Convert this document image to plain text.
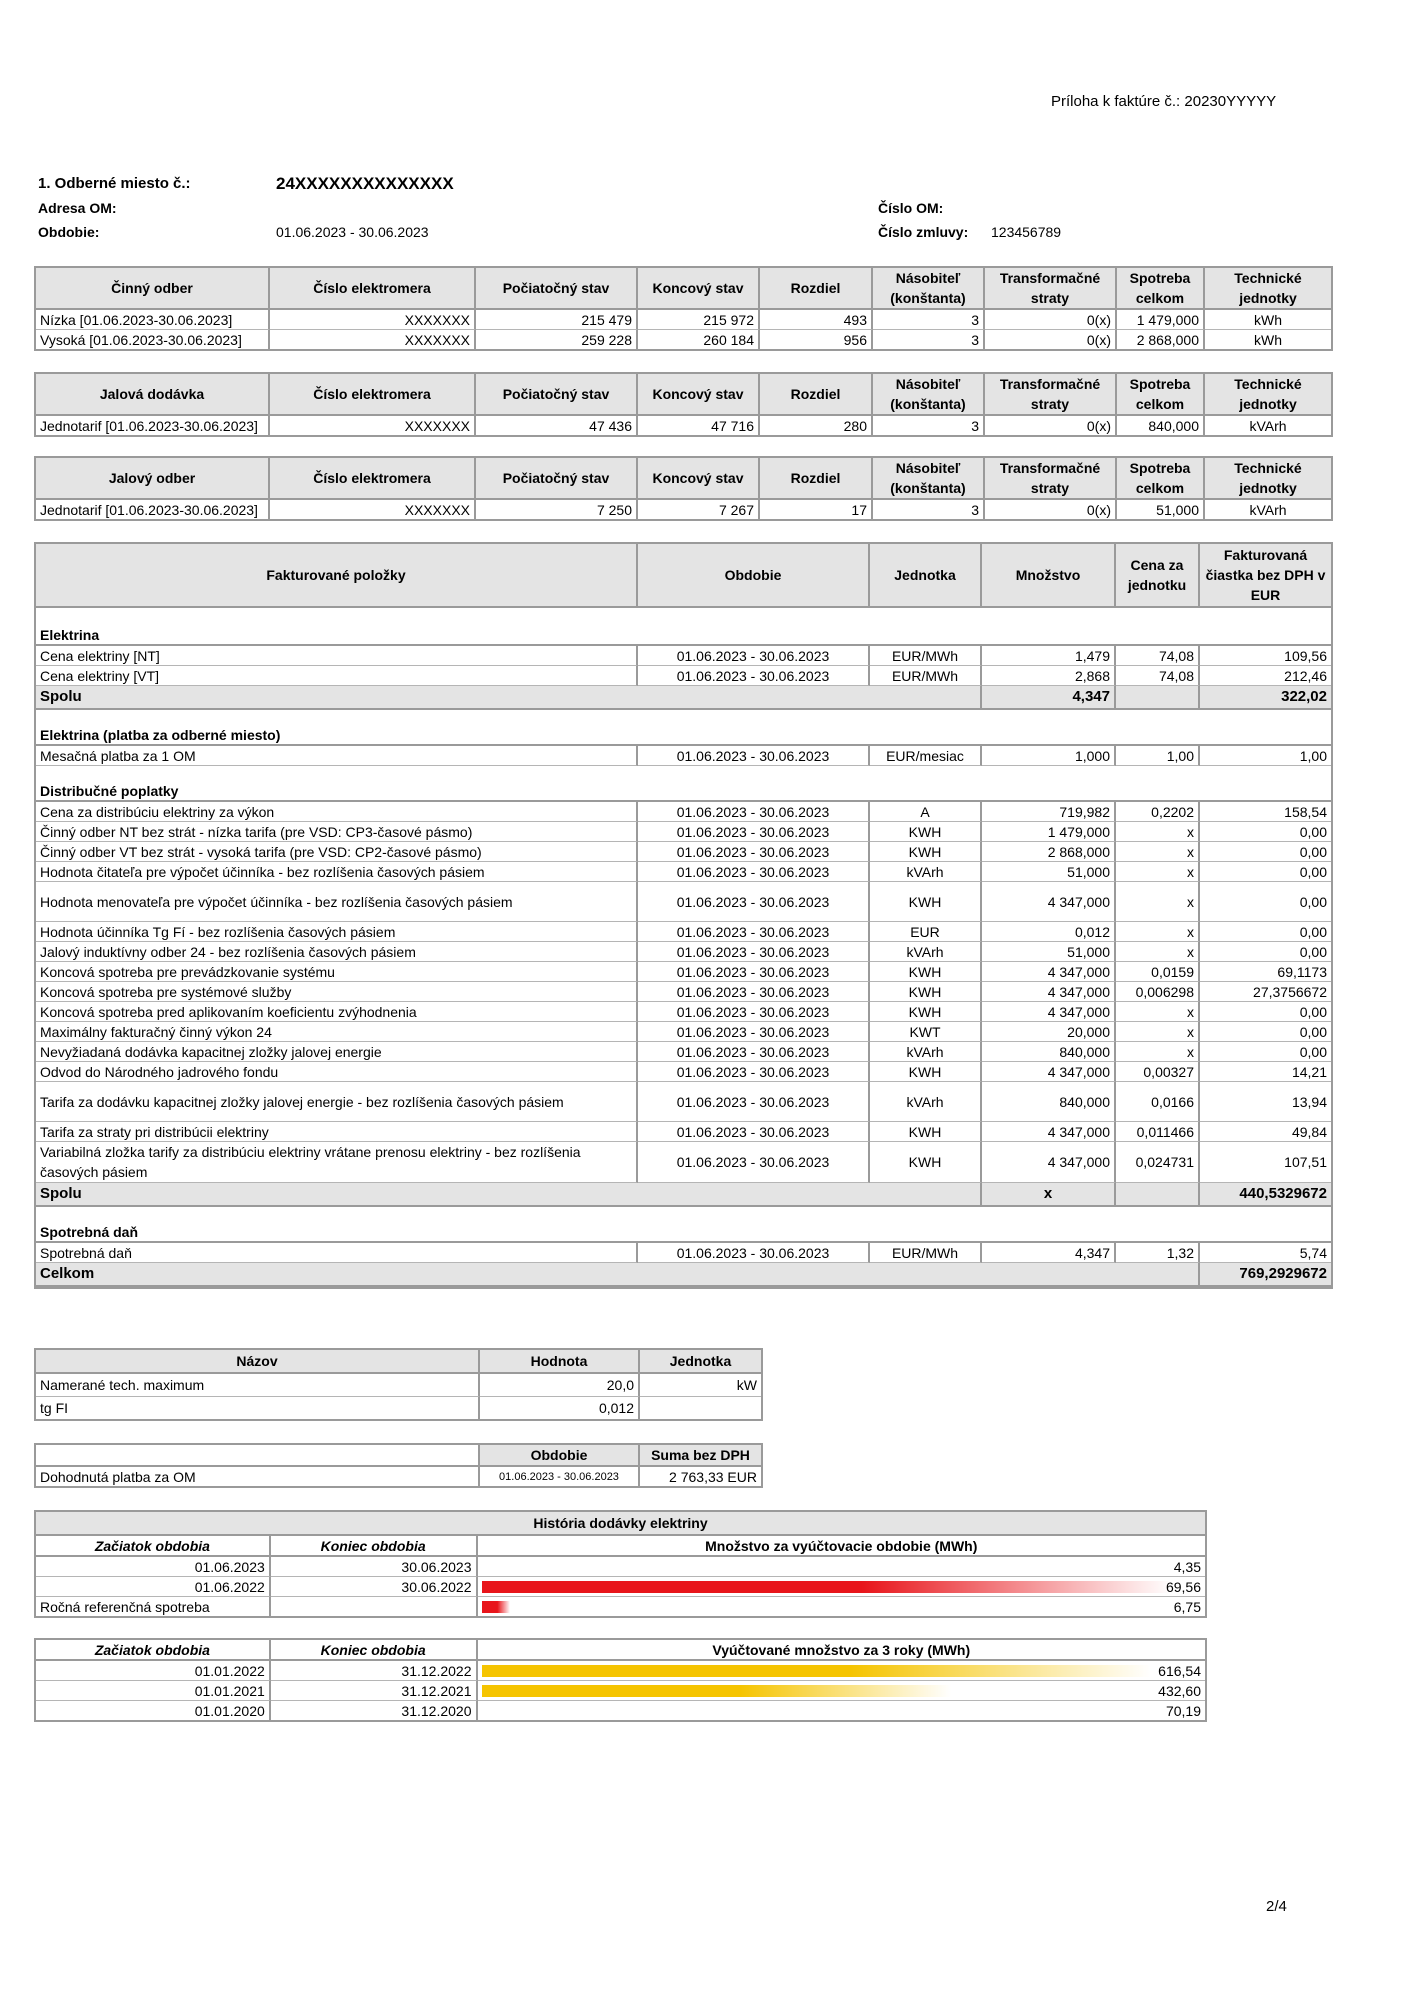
Príloha k faktúre č.: 20230YYYYY
1. Odberné miesto č.:	24XXXXXXXXXXXXXX
Adresa OM:
Obdobie:	01.06.2023 - 30.06.2023
Číslo OM:
Číslo zmluvy: 123456789
Činný odber	Číslo elektromera	Počiatočný stav	Koncový stav	Rozdiel	Násobiteľ (konštanta)	Transformačné straty	Spotreba celkom	Technické jednotky
Nízka [01.06.2023-30.06.2023]	XXXXXXX	215 479	215 972	493	3	0(x)	1 479,000	kWh
Vysoká [01.06.2023-30.06.2023]	XXXXXXX	259 228	260 184	956	3	0(x)	2 868,000	kWh
Jalová dodávka	Číslo elektromera	Počiatočný stav	Koncový stav	Rozdiel	Násobiteľ (konštanta)	Transformačné straty	Spotreba celkom	Technické jednotky
Jednotarif [01.06.2023-30.06.2023]	XXXXXXX	47 436	47 716	280	3	0(x)	840,000	kVArh
Jalový odber	Číslo elektromera	Počiatočný stav	Koncový stav	Rozdiel	Násobiteľ (konštanta)	Transformačné straty	Spotreba celkom	Technické jednotky
Jednotarif [01.06.2023-30.06.2023]	XXXXXXX	7 250	7 267	17	3	0(x)	51,000	kVArh
Fakturované položky	Obdobie	Jednotka	Množstvo	Cena za jednotku	Fakturovaná čiastka bez DPH v EUR

Elektrina					
Cena elektriny [NT]	01.06.2023 - 30.06.2023	EUR/MWh	1,479	74,08	109,56
Cena elektriny [VT]	01.06.2023 - 30.06.2023	EUR/MWh	2,868	74,08	212,46
Spolu			4,347		322,02

Elektrina (platba za odberné miesto)					
Mesačná platba za 1 OM	01.06.2023 - 30.06.2023	EUR/mesiac	1,000	1,00	1,00

Distribučné poplatky					
Cena za distribúciu elektriny za výkon	01.06.2023 - 30.06.2023	A	719,982	0,2202	158,54
Činný odber NT bez strát - nízka tarifa (pre VSD: CP3-časové pásmo)	01.06.2023 - 30.06.2023	KWH	1 479,000	x	0,00
Činný odber VT bez strát - vysoká tarifa (pre VSD: CP2-časové pásmo)	01.06.2023 - 30.06.2023	KWH	2 868,000	x	0,00
Hodnota čitateľa pre výpočet účinníka - bez rozlíšenia časových pásiem	01.06.2023 - 30.06.2023	kVArh	51,000	x	0,00
Hodnota menovateľa pre výpočet účinníka - bez rozlíšenia časových pásiem	01.06.2023 - 30.06.2023	KWH	4 347,000	x	0,00
Hodnota účinníka Tg Fí - bez rozlíšenia časových pásiem	01.06.2023 - 30.06.2023	EUR	0,012	x	0,00
Jalový induktívny odber 24 - bez rozlíšenia časových pásiem	01.06.2023 - 30.06.2023	kVArh	51,000	x	0,00
Koncová spotreba pre prevádzkovanie systému	01.06.2023 - 30.06.2023	KWH	4 347,000	0,0159	69,1173
Koncová spotreba pre systémové služby	01.06.2023 - 30.06.2023	KWH	4 347,000	0,006298	27,3756672
Koncová spotreba pred aplikovaním koeficientu zvýhodnenia	01.06.2023 - 30.06.2023	KWH	4 347,000	x	0,00
Maximálny fakturačný činný výkon 24	01.06.2023 - 30.06.2023	KWT	20,000	x	0,00
Nevyžiadaná dodávka kapacitnej zložky jalovej energie	01.06.2023 - 30.06.2023	kVArh	840,000	x	0,00
Odvod do Národného jadrového fondu	01.06.2023 - 30.06.2023	KWH	4 347,000	0,00327	14,21
Tarifa za dodávku kapacitnej zložky jalovej energie - bez rozlíšenia časových pásiem	01.06.2023 - 30.06.2023	kVArh	840,000	0,0166	13,94
Tarifa za straty pri distribúcii elektriny	01.06.2023 - 30.06.2023	KWH	4 347,000	0,011466	49,84
Variabilná zložka tarify za distribúciu elektriny vrátane prenosu elektriny - bez rozlíšenia časových pásiem	01.06.2023 - 30.06.2023	KWH	4 347,000	0,024731	107,51
Spolu			x		440,5329672

Spotrebná daň					
Spotrebná daň	01.06.2023 - 30.06.2023	EUR/MWh	4,347	1,32	5,74
Celkom					769,2929672
Názov	Hodnota	Jednotka
Namerané tech. maximum	20,0	kW
tg FI	0,012	
	Obdobie	Suma bez DPH
Dohodnutá platba za OM	01.06.2023 - 30.06.2023	2 763,33 EUR
História dodávky elektriny		
Začiatok obdobia	Koniec obdobia	Množstvo za vyúčtovacie obdobie (MWh)
01.06.2023	30.06.2023	4,35
01.06.2022	30.06.2022	69,56
Ročná referenčná spotreba		6,75
Začiatok obdobia	Koniec obdobia	Vyúčtované množstvo za 3 roky (MWh)
01.01.2022	31.12.2022	616,54
01.01.2021	31.12.2021	432,60
01.01.2020	31.12.2020	70,19
2/4
